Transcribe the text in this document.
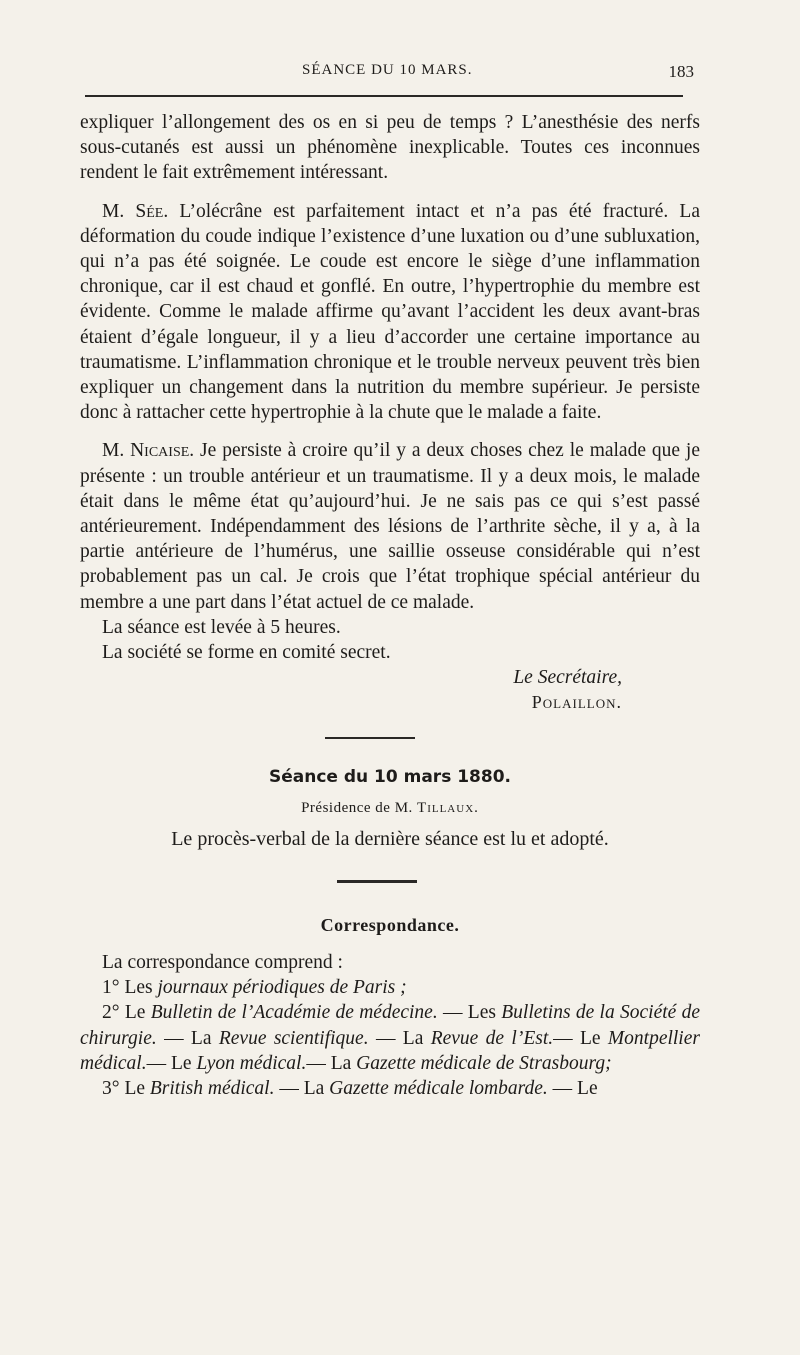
SÉANCE DU 10 MARS.	183

expliquer l’allongement des os en si peu de temps ? L’anesthésie des nerfs sous-cutanés est aussi un phénomène inexplicable. Toutes ces inconnues rendent le fait extrêmement intéressant.

M. Sée. L’olécrâne est parfaitement intact et n’a pas été fracturé. La déformation du coude indique l’existence d’une luxation ou d’une subluxation, qui n’a pas été soignée. Le coude est encore le siège d’une inflammation chronique, car il est chaud et gonflé. En outre, l’hypertrophie du membre est évidente. Comme le malade affirme qu’avant l’accident les deux avant-bras étaient d’égale longueur, il y a lieu d’accorder une certaine importance au traumatisme. L’inflammation chronique et le trouble nerveux peuvent très bien expliquer un changement dans la nutrition du membre supérieur. Je persiste donc à rattacher cette hypertrophie à la chute que le malade a faite.

M. Nicaise. Je persiste à croire qu’il y a deux choses chez le malade que je présente : un trouble antérieur et un traumatisme. Il y a deux mois, le malade était dans le même état qu’aujourd’hui. Je ne sais pas ce qui s’est passé antérieurement. Indépendamment des lésions de l’arthrite sèche, il y a, à la partie antérieure de l’humérus, une saillie osseuse considérable qui n’est probablement pas un cal. Je crois que l’état trophique spécial antérieur du membre a une part dans l’état actuel de ce malade.

La séance est levée à 5 heures.

La société se forme en comité secret.

Le Secrétaire,
Polaillon.
Séance du 10 mars 1880.
Présidence de M. Tillaux.
Le procès-verbal de la dernière séance est lu et adopté.
Correspondance.

La correspondance comprend :

1° Les journaux périodiques de Paris ;

2° Le Bulletin de l’Académie de médecine. — Les Bulletins de la Société de chirurgie. — La Revue scientifique. — La Revue de l’Est.— Le Montpellier médical.— Le Lyon médical.— La Gazette médicale de Strasbourg;

3° Le British médical. — La Gazette médicale lombarde. — Le
